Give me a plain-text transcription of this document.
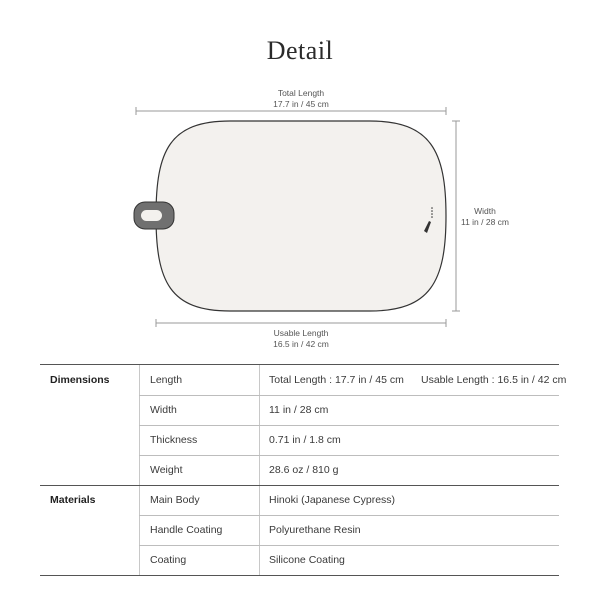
Detail
Total Length
17.7 in / 45 cm
Width
11 in / 28 cm
Usable Length
16.5 in / 42 cm
Dimensions	Length	Total Length : 17.7 in / 45 cm Usable Length : 16.5 in / 42 cm
Width	11 in / 28 cm
Thickness	0.71 in / 1.8 cm
Weight	28.6 oz / 810 g
Materials	Main Body	Hinoki (Japanese Cypress)
Handle Coating	Polyurethane Resin
Coating	Silicone Coating
